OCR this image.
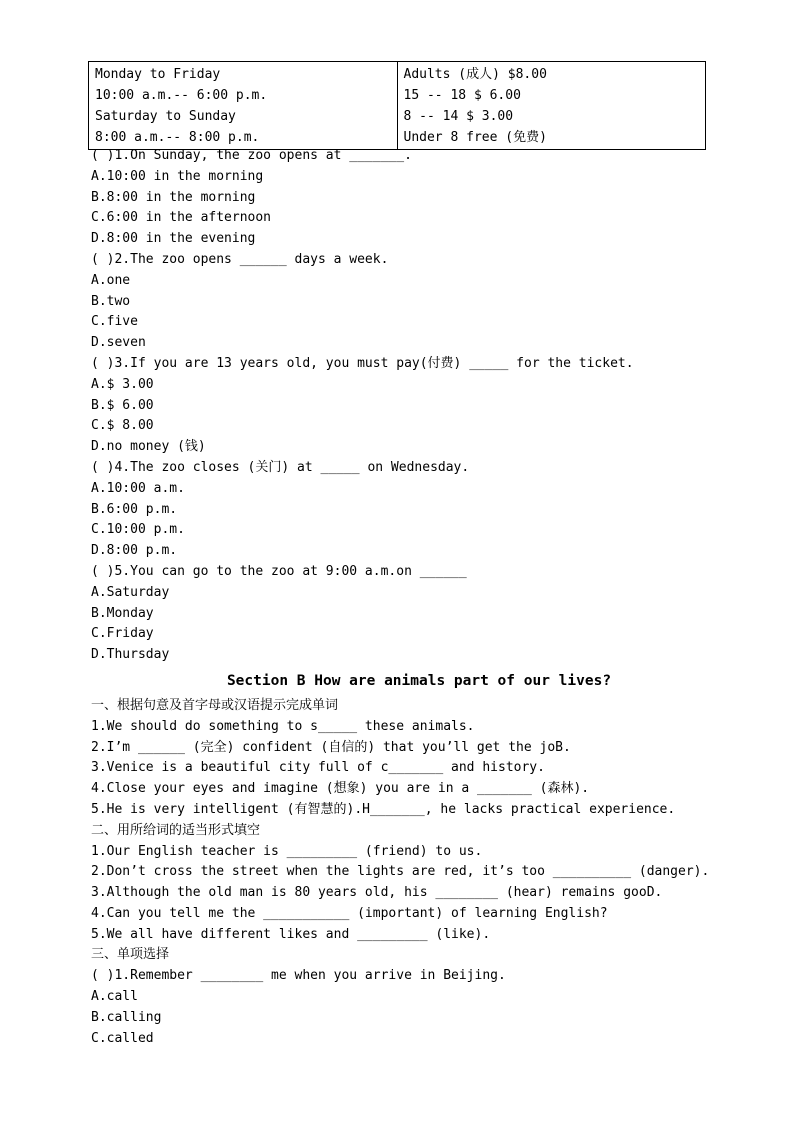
Monday to Friday
10:00 a.m.-- 6:00 p.m.
Saturday to Sunday
8:00 a.m.-- 8:00 p.m.

Adults (成人) $8.00
15 -- 18 $ 6.00
8 -- 14 $ 3.00
Under 8 free (免费)
( )1.On Sunday, the zoo opens at _______.
A.10:00 in the morning
B.8:00 in the morning
C.6:00 in the afternoon
D.8:00 in the evening
( )2.The zoo opens ______ days a week.
A.one
B.two
C.five
D.seven
( )3.If you are 13 years old, you must pay(付费) _____ for the ticket.
A.$ 3.00
B.$ 6.00
C.$ 8.00
D.no money (钱)
( )4.The zoo closes (关门) at _____ on Wednesday.
A.10:00 a.m.
B.6:00 p.m.
C.10:00 p.m.
D.8:00 p.m.
( )5.You can go to the zoo at 9:00 a.m.on ______
A.Saturday
B.Monday
C.Friday
D.Thursday
Section B How are animals part of our lives?
一、根据句意及首字母或汉语提示完成单词
1.We should do something to s_____ these animals.
2.I’m ______ (完全) confident (自信的) that you’ll get the joB.
3.Venice is a beautiful city full of c_______ and history.
4.Close your eyes and imagine (想象) you are in a _______ (森林).
5.He is very intelligent (有智慧的).H_______, he lacks practical experience.
二、用所给词的适当形式填空
1.Our English teacher is _________ (friend) to us.
2.Don’t cross the street when the lights are red, it’s too __________ (danger).
3.Although the old man is 80 years old, his ________ (hear) remains gooD.
4.Can you tell me the ___________ (important) of learning English?
5.We all have different likes and _________ (like).
三、单项选择
( )1.Remember ________ me when you arrive in Beijing.
A.call
B.calling
C.called
